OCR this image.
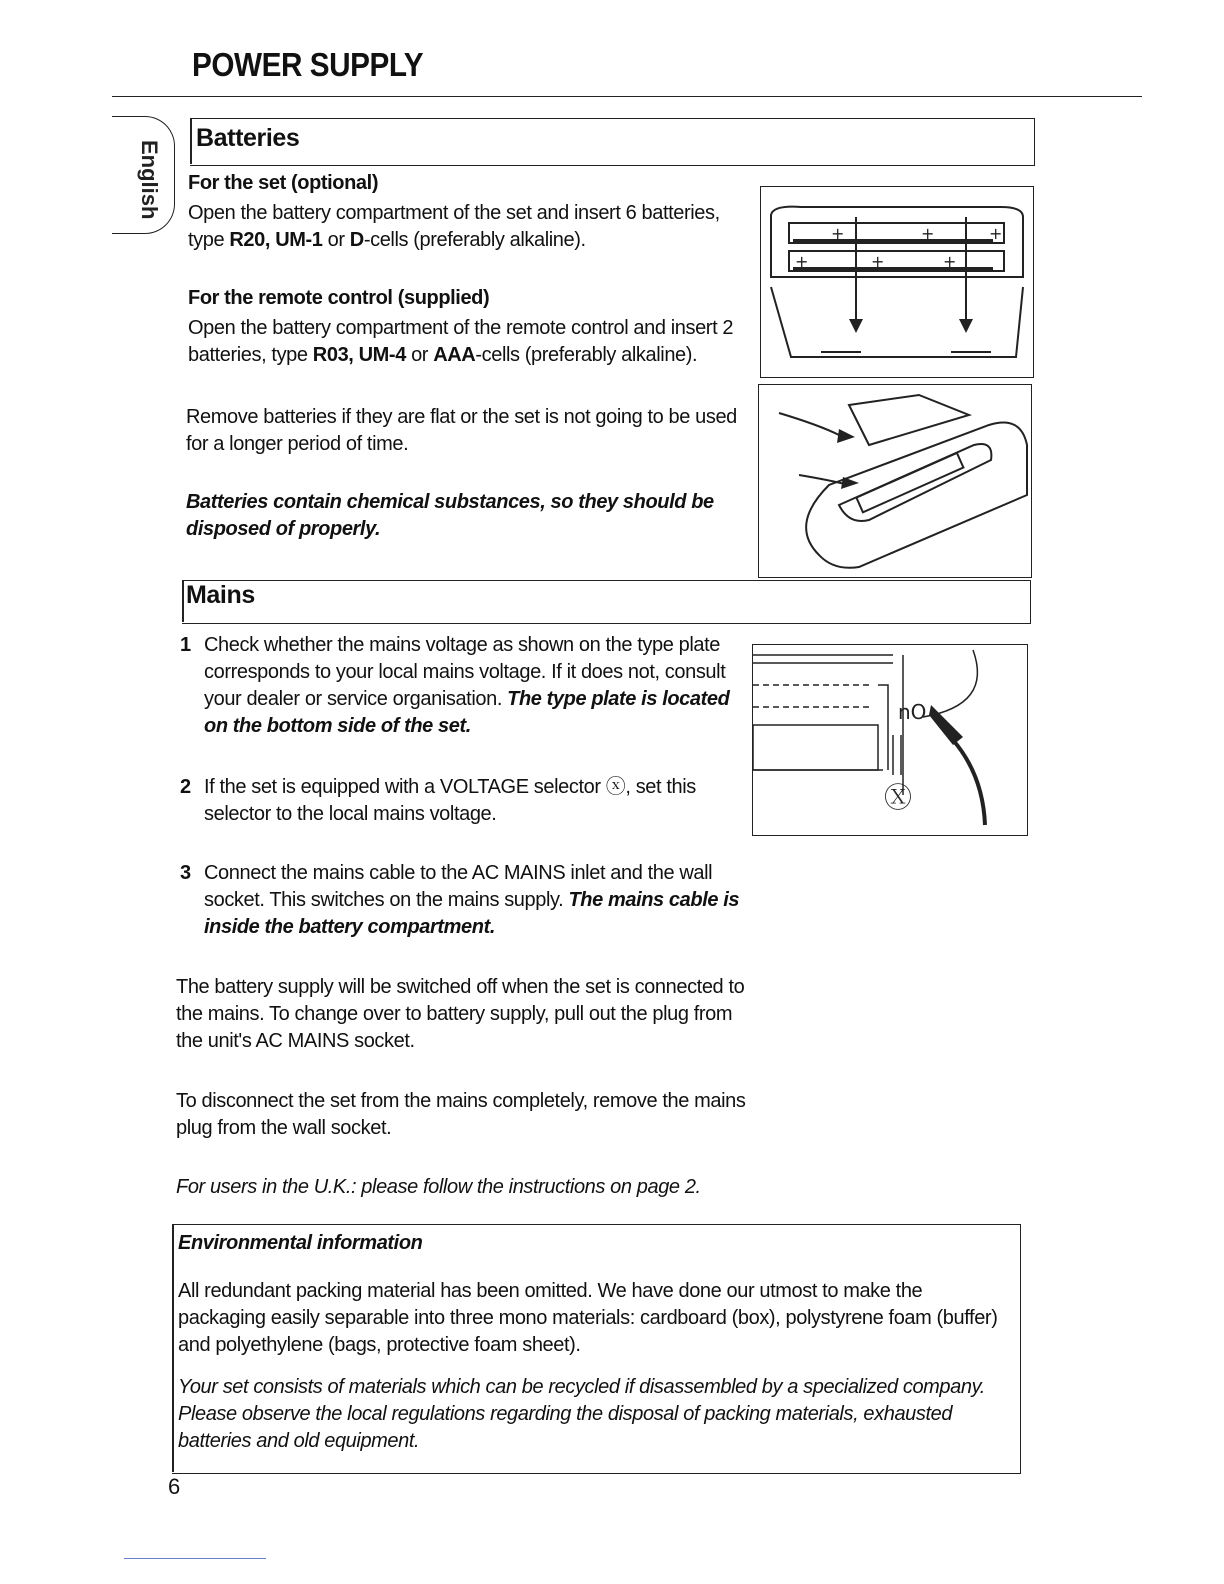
POWER SUPPLY
English
Batteries
For the set (optional)
Open the battery compartment of the set and insert 6 batteries, type R20, UM-1 or D-cells (preferably alkaline).
For the remote control (supplied)
Open the battery compartment of the remote control and insert 2 batteries, type R03, UM-4 or AAA-cells (preferably alkaline).
Remove batteries if they are flat or the set is not going to be used for a longer period of time.
Batteries contain chemical substances, so they should be disposed of properly.
+	+	+
+	+	+
Mains
1 Check whether the mains voltage as shown on the type plate corresponds to your local mains voltage. If it does not, consult your dealer or service organisation. The type plate is located on the bottom side of the set.
2 If the set is equipped with a VOLTAGE selector ⓧ, set this selector to the local mains voltage.
3 Connect the mains cable to the AC MAINS inlet and the wall socket. This switches on the mains supply. The mains cable is inside the battery compartment.
nO
Ⓧ
The battery supply will be switched off when the set is connected to the mains. To change over to battery supply, pull out the plug from the unit's AC MAINS socket.
To disconnect the set from the mains completely, remove the mains plug from the wall socket.
For users in the U.K.: please follow the instructions on page 2.
Environmental information
All redundant packing material has been omitted. We have done our utmost to make the packaging easily separable into three mono materials: cardboard (box), polystyrene foam (buffer) and polyethylene (bags, protective foam sheet).
Your set consists of materials which can be recycled if disassembled by a specialized company. Please observe the local regulations regarding the disposal of packing materials, exhausted batteries and old equipment.
6
